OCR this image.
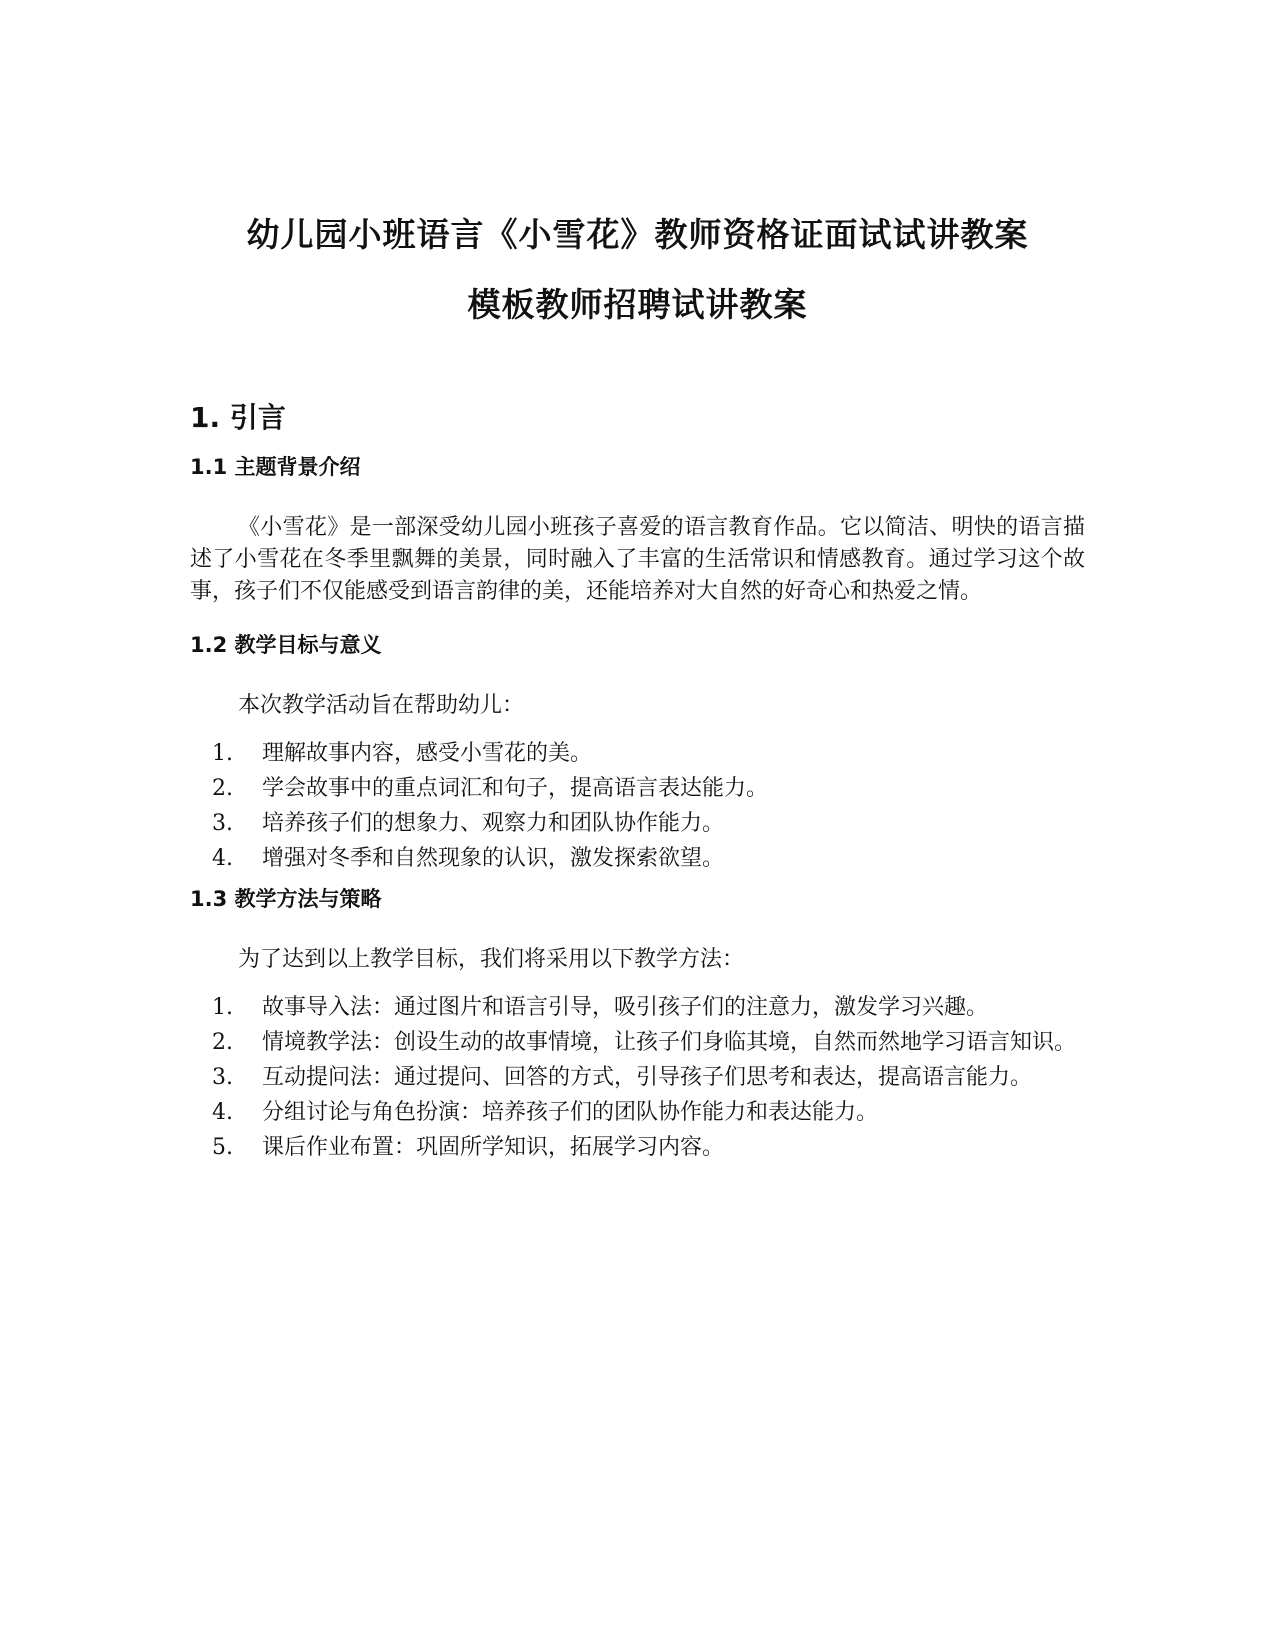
幼儿园小班语言《小雪花》教师资格证面试试讲教案
模板教师招聘试讲教案
1. 引言
1.1 主题背景介绍

《小雪花》是一部深受幼儿园小班孩子喜爱的语言教育作品。它以简洁、明快的语言描述了小雪花在冬季里飘舞的美景，同时融入了丰富的生活常识和情感教育。通过学习这个故事，孩子们不仅能感受到语言韵律的美，还能培养对大自然的好奇心和热爱之情。

1.2 教学目标与意义

本次教学活动旨在帮助幼儿：

1. 理解故事内容，感受小雪花的美。
2. 学会故事中的重点词汇和句子，提高语言表达能力。
3. 培养孩子们的想象力、观察力和团队协作能力。
4. 增强对冬季和自然现象的认识，激发探索欲望。
1.3 教学方法与策略

为了达到以上教学目标，我们将采用以下教学方法：

1. 故事导入法：通过图片和语言引导，吸引孩子们的注意力，激发学习兴趣。
2. 情境教学法：创设生动的故事情境，让孩子们身临其境，自然而然地学习语言知识。
3. 互动提问法：通过提问、回答的方式，引导孩子们思考和表达，提高语言能力。
4. 分组讨论与角色扮演：培养孩子们的团队协作能力和表达能力。
5. 课后作业布置：巩固所学知识，拓展学习内容。
